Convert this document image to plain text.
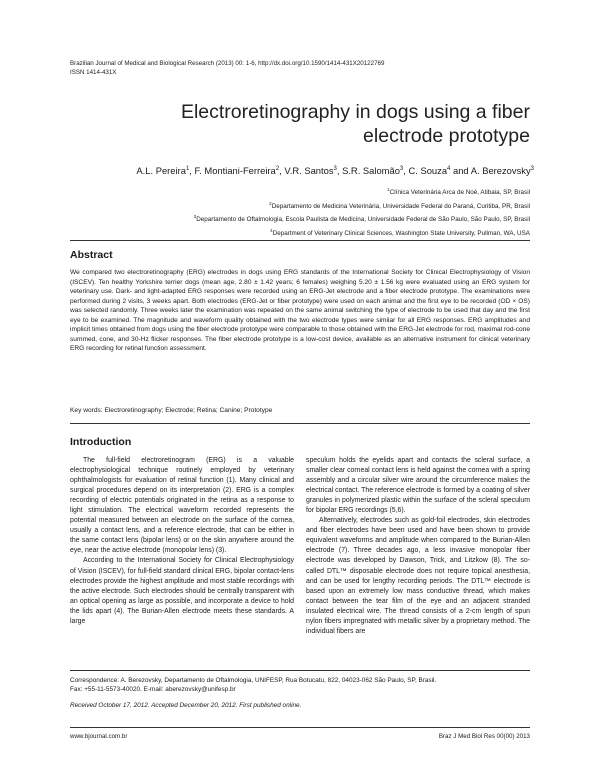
Brazilian Journal of Medical and Biological Research (2013) 00: 1-6, http://dx.doi.org/10.1590/1414-431X20122769
ISSN 1414-431X
Electroretinography in dogs using a fiber
electrode prototype
A.L. Pereira$^1$, F. Montiani-Ferreira$^2$, V.R. Santos$^3$, S.R. Salomão$^3$, C. Souza$^4$ and A. Berezovsky$^3$
$^1$Clínica Veterinária Arca de Noé, Atibaia, SP, Brasil
$^2$Departamento de Medicina Veterinária, Universidade Federal do Paraná, Curitiba, PR, Brasil
$^3$Departamento de Oftalmologia, Escola Paulista de Medicina, Universidade Federal de São Paulo, São Paulo, SP, Brasil
$^4$Department of Veterinary Clinical Sciences, Washington State University, Pullman, WA, USA
Abstract
We compared two electroretinography (ERG) electrodes in dogs using ERG standards of the International Society for Clinical Electrophysiology of Vision (ISCEV). Ten healthy Yorkshire terrier dogs (mean age, 2.80 ± 1.42 years; 6 females) weighing 5.20 ± 1.56 kg were evaluated using an ERG system for veterinary use. Dark- and light-adapted ERG responses were recorded using an ERG-Jet electrode and a fiber electrode prototype. The examinations were performed during 2 visits, 3 weeks apart. Both electrodes (ERG-Jet or fiber prototype) were used on each animal and the first eye to be recorded (OD × OS) was selected randomly. Three weeks later the examination was repeated on the same animal switching the type of electrode to be used that day and the first eye to be examined. The magnitude and waveform quality obtained with the two electrode types were similar for all ERG responses. ERG amplitudes and implicit times obtained from dogs using the fiber electrode prototype were comparable to those obtained with the ERG-Jet electrode for rod, maximal rod-cone summed, cone, and 30-Hz flicker responses. The fiber electrode prototype is a low-cost device, available as an alternative instrument for clinical veterinary ERG recording for retinal function assessment.
Key words: Electroretinography; Electrode; Retina; Canine; Prototype
Introduction

The full-field electroretinogram (ERG) is a valuable electrophysiological technique routinely employed by veterinary ophthalmologists for evaluation of retinal function (1). Many clinical and surgical procedures depend on its interpretation (2). ERG is a complex recording of electric potentials originated in the retina as a response to light stimulation. The electrical waveform recorded represents the potential measured between an electrode on the surface of the cornea, usually a contact lens, and a reference electrode, that can be either in the same contact lens (bipolar lens) or on the skin anywhere around the eye, near the active electrode (monopolar lens) (3).

According to the International Society for Clinical Electrophysiology of Vision (ISCEV), for full-field standard clinical ERG, bipolar contact-lens electrodes provide the highest amplitude and most stable recordings with the active electrode. Such electrodes should be centrally transparent with an optical opening as large as possible, and incorporate a device to hold the lids apart (4). The Burian-Allen electrode meets these standards. A large

speculum holds the eyelids apart and contacts the scleral surface, a smaller clear corneal contact lens is held against the cornea with a spring assembly and a circular silver wire around the circumference makes the electrical contact. The reference electrode is formed by a coating of silver granules in polymerized plastic within the surface of the scleral speculum for bipolar ERG recordings (5,6).

Alternatively, electrodes such as gold-foil electrodes, skin electrodes and fiber electrodes have been used and have been shown to provide equivalent waveforms and amplitude when compared to the Burian-Allen electrode (7). Three decades ago, a less invasive monopolar fiber electrode was developed by Dawson, Trick, and Litzkow (8). The so-called DTL™ disposable electrode does not require topical anesthesia, and can be used for lengthy recording periods. The DTL™ electrode is based upon an extremely low mass conductive thread, which makes contact between the tear film of the eye and an adjacent stranded insulated electrical wire. The thread consists of a 2-cm length of spun nylon fibers impregnated with metallic silver by a proprietary method. The individual fibers are

Correspondence: A. Berezovsky, Departamento de Oftalmologia, UNIFESP, Rua Botucatu, 822, 04023-062 São Paulo, SP, Brasil.
Fax: +55-11-5573-40020. E-mail: aberezovsky@unifesp.br
Received October 17, 2012. Accepted December 20, 2012. First published online.
www.bjournal.com.br	Braz J Med Biol Res 00(00) 2013
